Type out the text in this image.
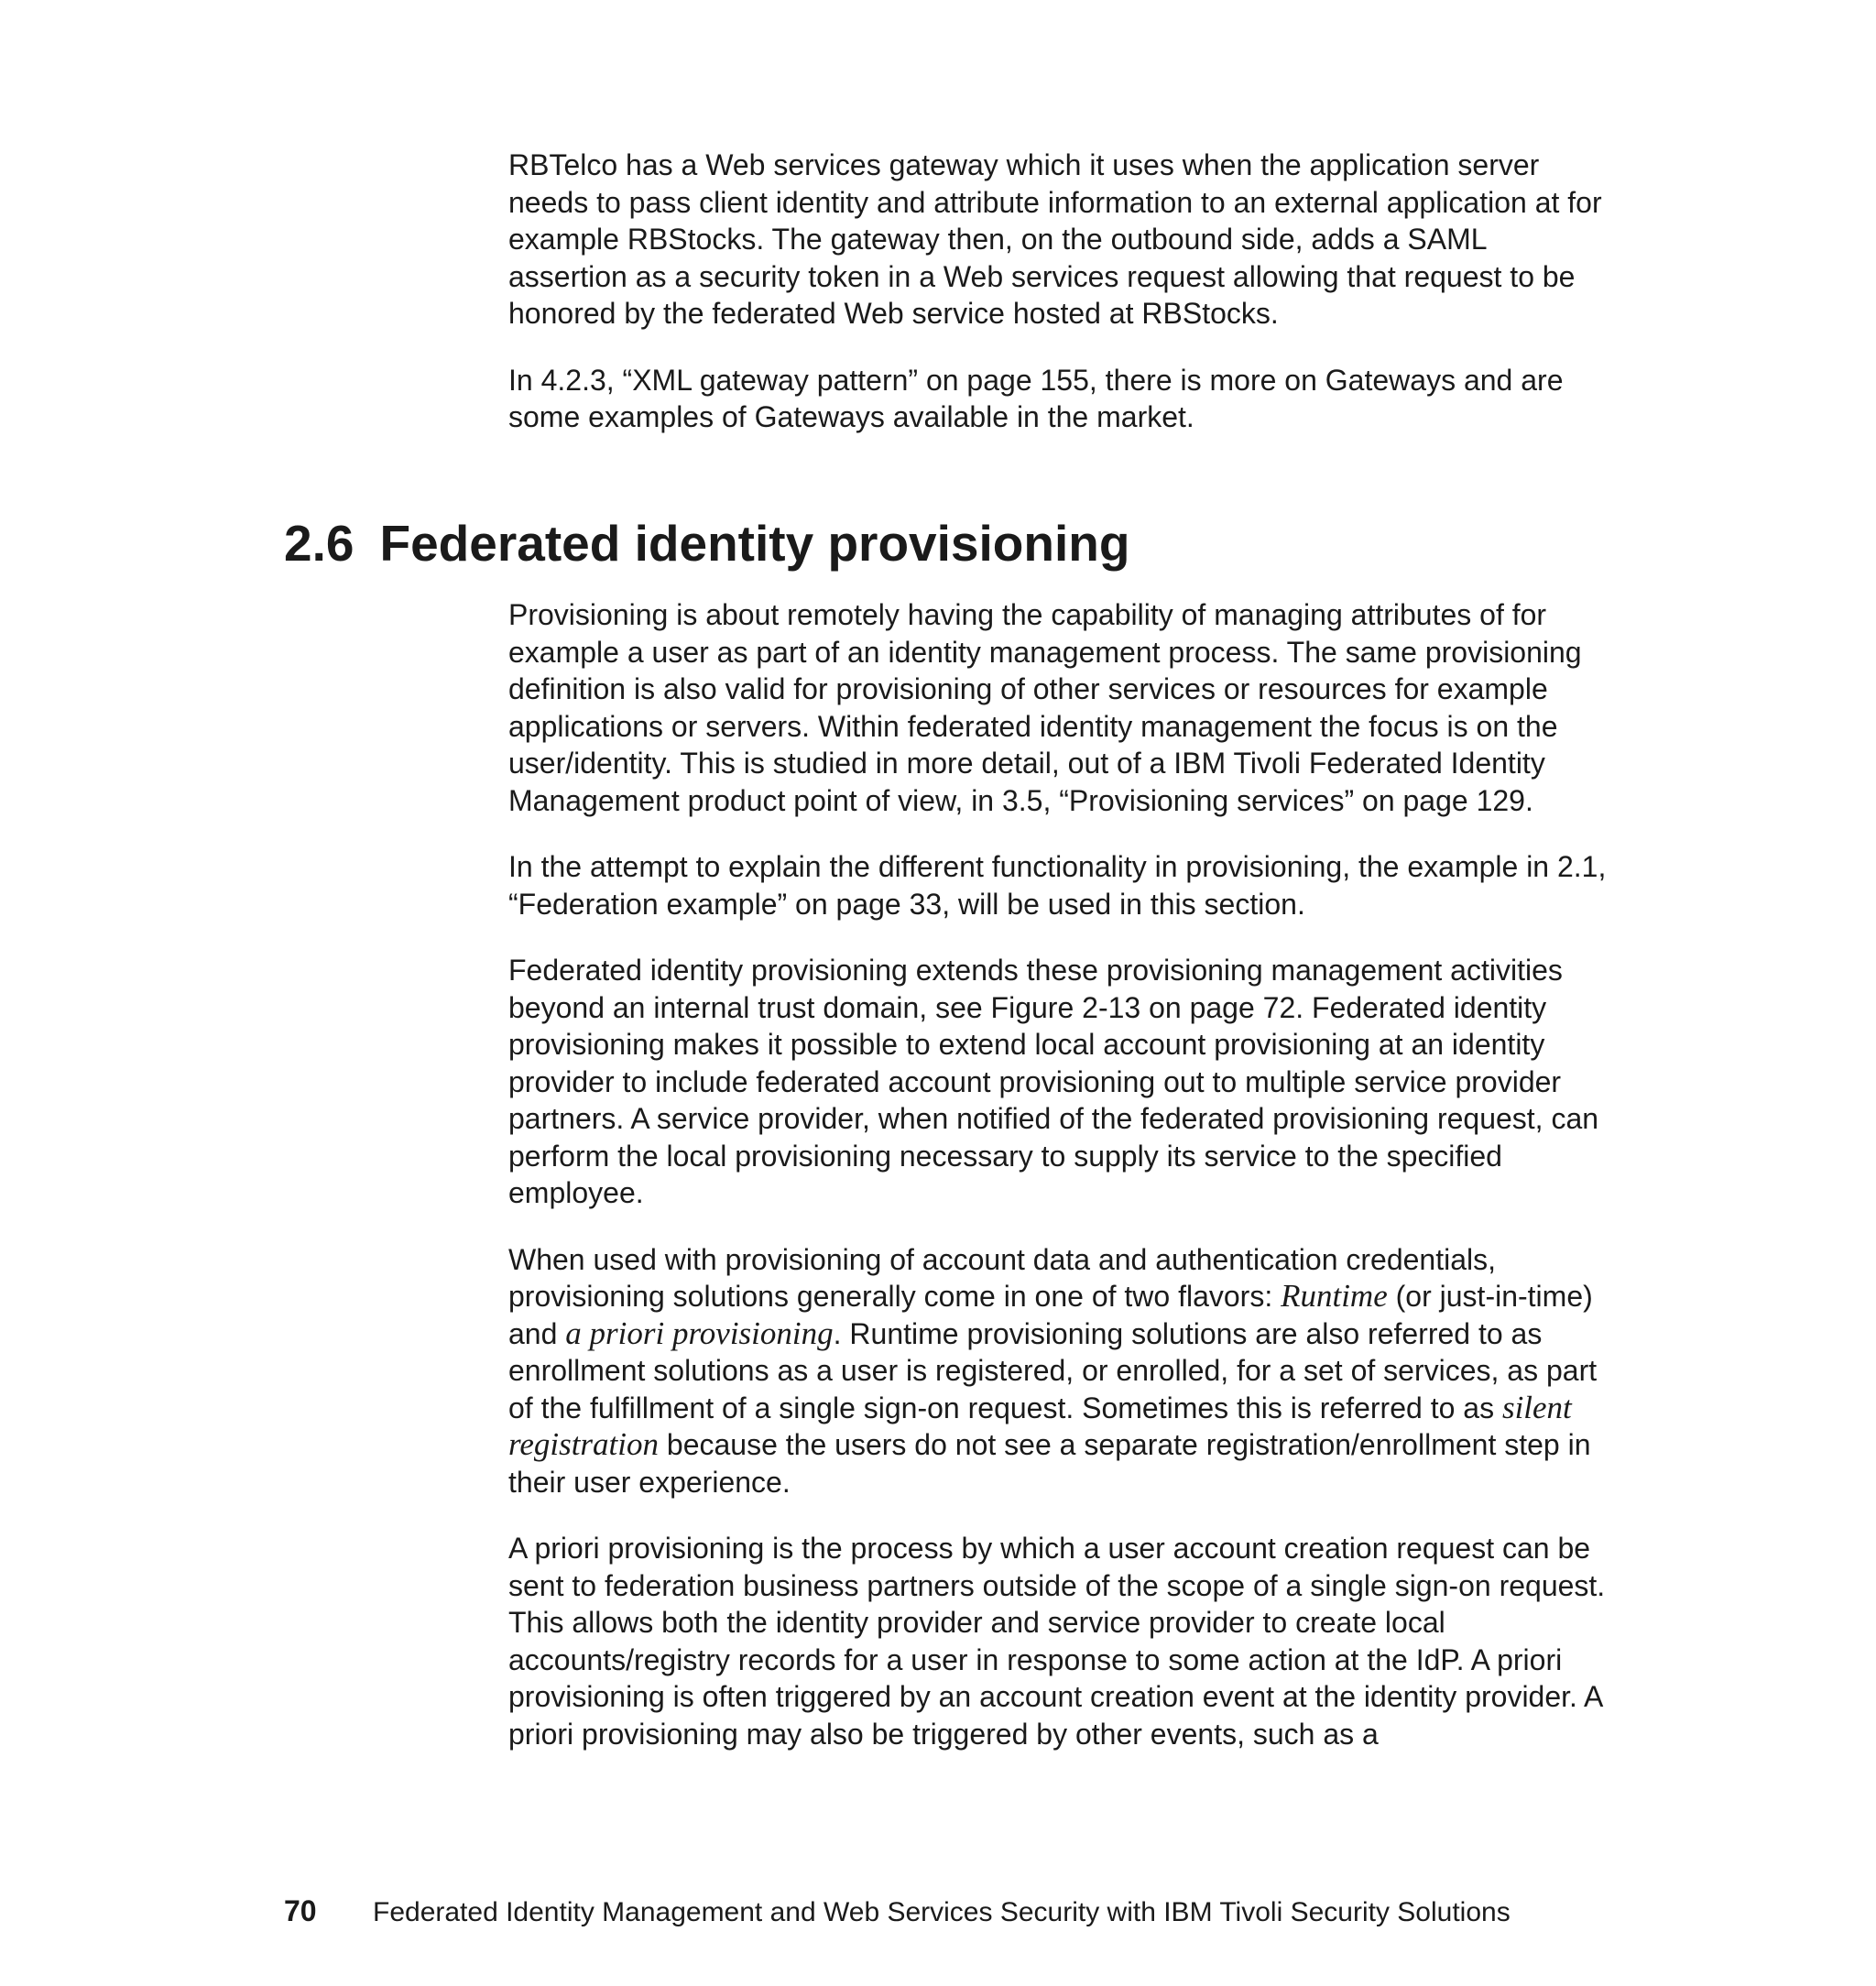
RBTelco has a Web services gateway which it uses when the application server needs to pass client identity and attribute information to an external application at for example RBStocks. The gateway then, on the outbound side, adds a SAML assertion as a security token in a Web services request allowing that request to be honored by the federated Web service hosted at RBStocks.

In 4.2.3, “XML gateway pattern” on page 155, there is more on Gateways and are some examples of Gateways available in the market.

2.6 Federated identity provisioning

Provisioning is about remotely having the capability of managing attributes of for example a user as part of an identity management process. The same provisioning definition is also valid for provisioning of other services or resources for example applications or servers. Within federated identity management the focus is on the user/identity. This is studied in more detail, out of a IBM Tivoli Federated Identity Management product point of view, in 3.5, “Provisioning services” on page 129.

In the attempt to explain the different functionality in provisioning, the example in 2.1, “Federation example” on page 33, will be used in this section.

Federated identity provisioning extends these provisioning management activities beyond an internal trust domain, see Figure 2-13 on page 72. Federated identity provisioning makes it possible to extend local account provisioning at an identity provider to include federated account provisioning out to multiple service provider partners. A service provider, when notified of the federated provisioning request, can perform the local provisioning necessary to supply its service to the specified employee.

When used with provisioning of account data and authentication credentials, provisioning solutions generally come in one of two flavors: Runtime (or just-in-time) and a priori provisioning. Runtime provisioning solutions are also referred to as enrollment solutions as a user is registered, or enrolled, for a set of services, as part of the fulfillment of a single sign-on request. Sometimes this is referred to as silent registration because the users do not see a separate registration/enrollment step in their user experience.

A priori provisioning is the process by which a user account creation request can be sent to federation business partners outside of the scope of a single sign-on request. This allows both the identity provider and service provider to create local accounts/registry records for a user in response to some action at the IdP. A priori provisioning is often triggered by an account creation event at the identity provider. A priori provisioning may also be triggered by other events, such as a

70 Federated Identity Management and Web Services Security with IBM Tivoli Security Solutions
